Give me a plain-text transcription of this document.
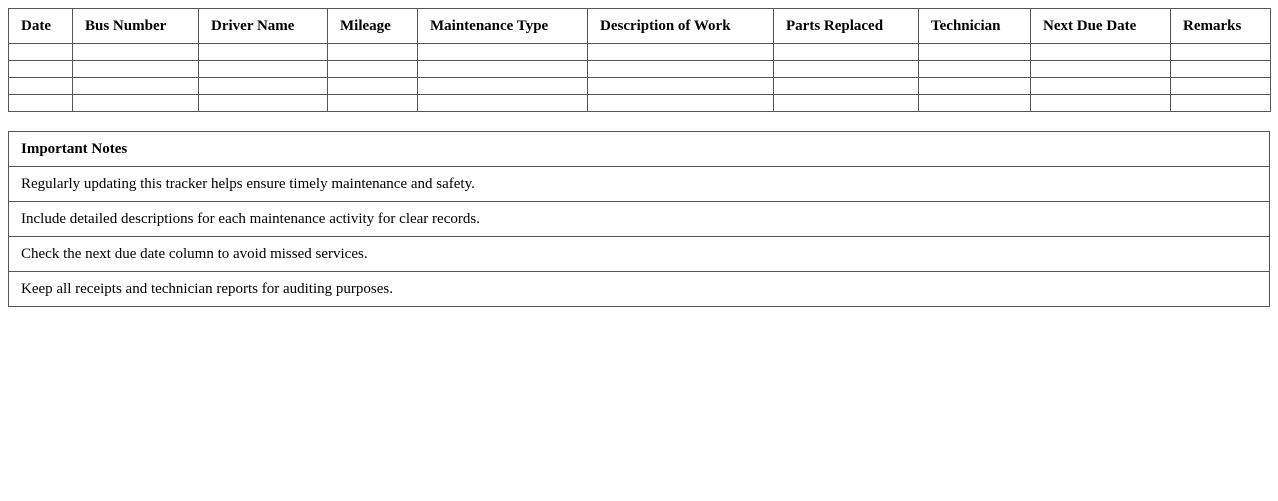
Date	Bus Number	Driver Name	Mileage	Maintenance Type	Description of Work	Parts Replaced	Technician	Next Due Date	Remarks

Important Notes
Regularly updating this tracker helps ensure timely maintenance and safety.
Include detailed descriptions for each maintenance activity for clear records.
Check the next due date column to avoid missed services.
Keep all receipts and technician reports for auditing purposes.
